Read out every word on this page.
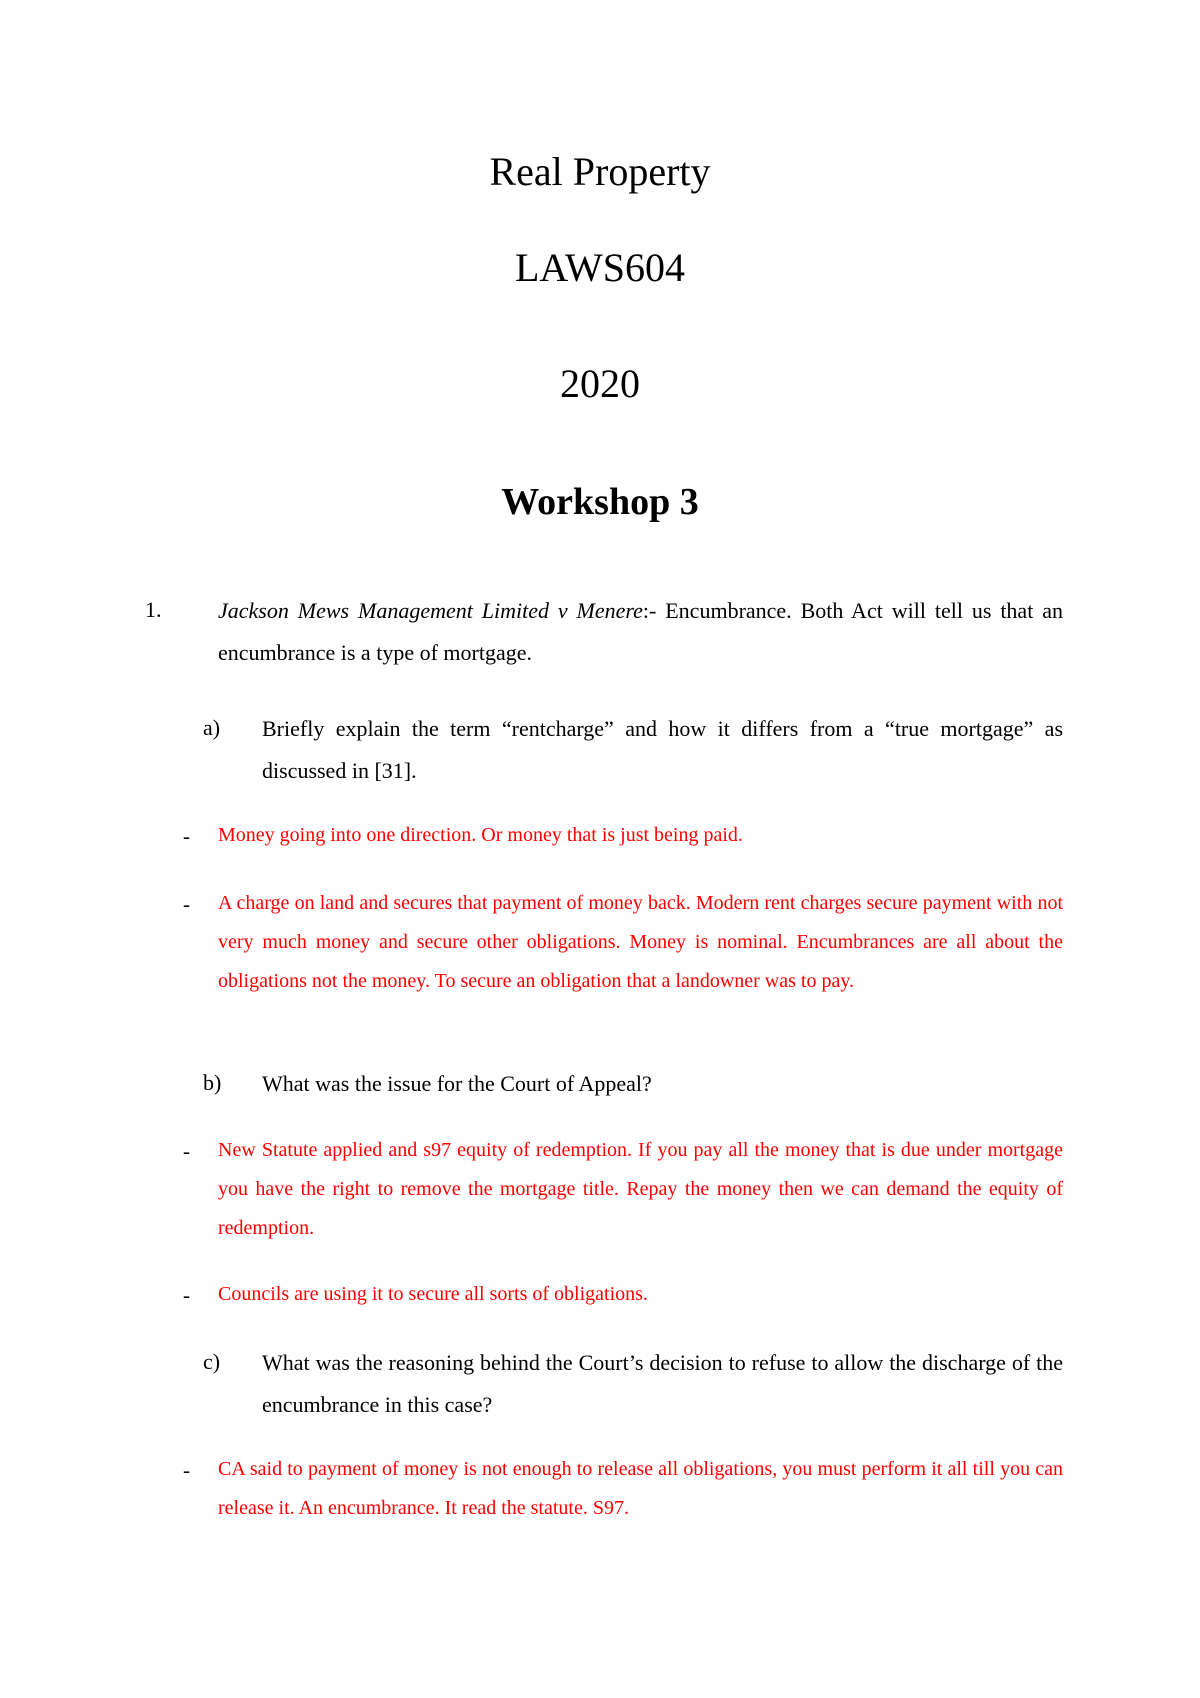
Real Property
LAWS604
2020
Workshop 3
1.	Jackson Mews Management Limited v Menere:- Encumbrance. Both Act will tell us that an encumbrance is a type of mortgage.
a) Briefly explain the term “rentcharge” and how it differs from a “true mortgage” as discussed in [31].
- Money going into one direction. Or money that is just being paid.
- A charge on land and secures that payment of money back. Modern rent charges secure payment with not very much money and secure other obligations. Money is nominal. Encumbrances are all about the obligations not the money. To secure an obligation that a landowner was to pay.
b) What was the issue for the Court of Appeal?
- New Statute applied and s97 equity of redemption. If you pay all the money that is due under mortgage you have the right to remove the mortgage title. Repay the money then we can demand the equity of redemption.
- Councils are using it to secure all sorts of obligations.
c) What was the reasoning behind the Court’s decision to refuse to allow the discharge of the encumbrance in this case?
- CA said to payment of money is not enough to release all obligations, you must perform it all till you can release it. An encumbrance. It read the statute. S97.
